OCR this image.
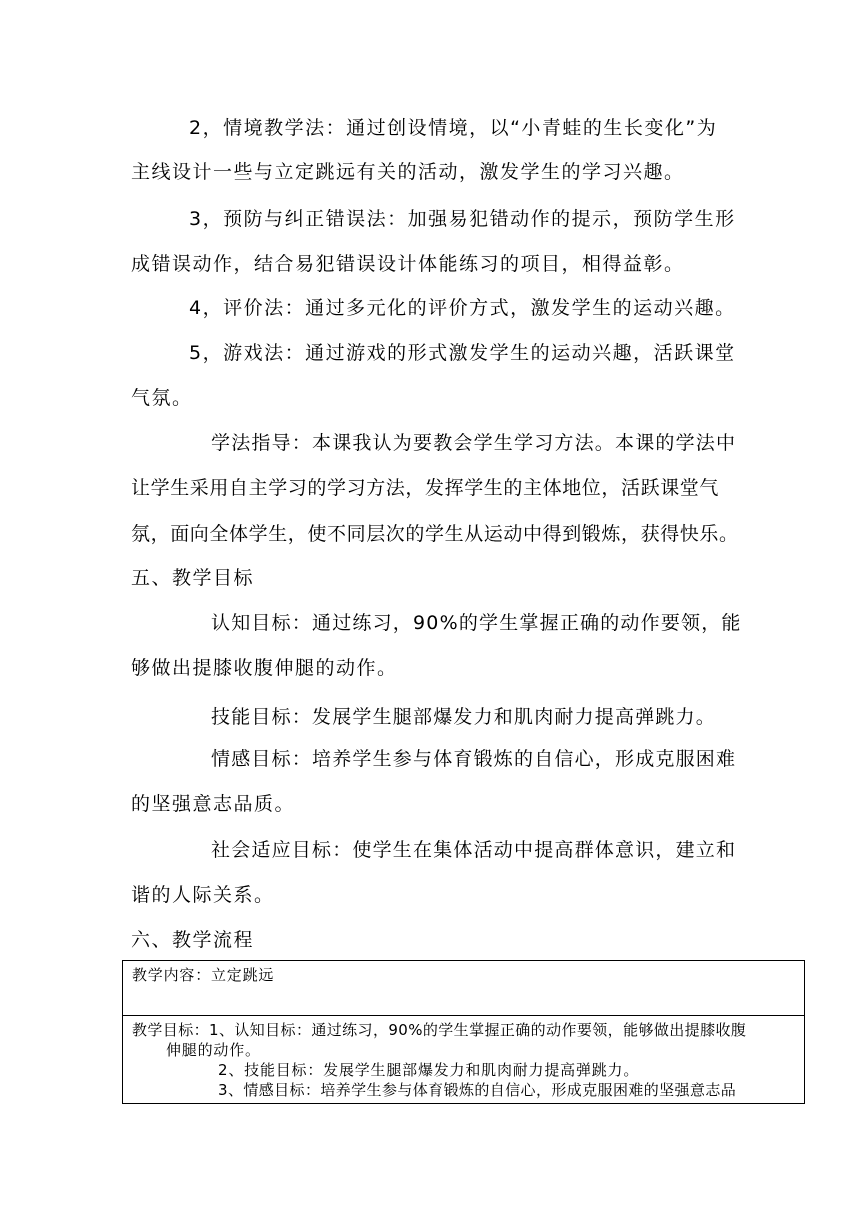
2，情境教学法：通过创设情境，以“小青蛙的生长变化”为
主线设计一些与立定跳远有关的活动，激发学生的学习兴趣。
3，预防与纠正错误法：加强易犯错动作的提示，预防学生形
成错误动作，结合易犯错误设计体能练习的项目，相得益彰。
4，评价法：通过多元化的评价方式，激发学生的运动兴趣。
5，游戏法：通过游戏的形式激发学生的运动兴趣，活跃课堂
气氛。
学法指导：本课我认为要教会学生学习方法。本课的学法中
让学生采用自主学习的学习方法，发挥学生的主体地位，活跃课堂气
氛，面向全体学生，使不同层次的学生从运动中得到锻炼，获得快乐。
五、教学目标
认知目标：通过练习，90%的学生掌握正确的动作要领，能
够做出提膝收腹伸腿的动作。
技能目标：发展学生腿部爆发力和肌肉耐力提高弹跳力。
情感目标：培养学生参与体育锻炼的自信心，形成克服困难
的坚强意志品质。
社会适应目标：使学生在集体活动中提高群体意识，建立和
谐的人际关系。
六、教学流程
教学内容：立定跳远
教学目标：1、认知目标：通过练习，90%的学生掌握正确的动作要领，能够做出提膝收腹
伸腿的动作。
2、技能目标：发展学生腿部爆发力和肌肉耐力提高弹跳力。
3、情感目标：培养学生参与体育锻炼的自信心，形成克服困难的坚强意志品
